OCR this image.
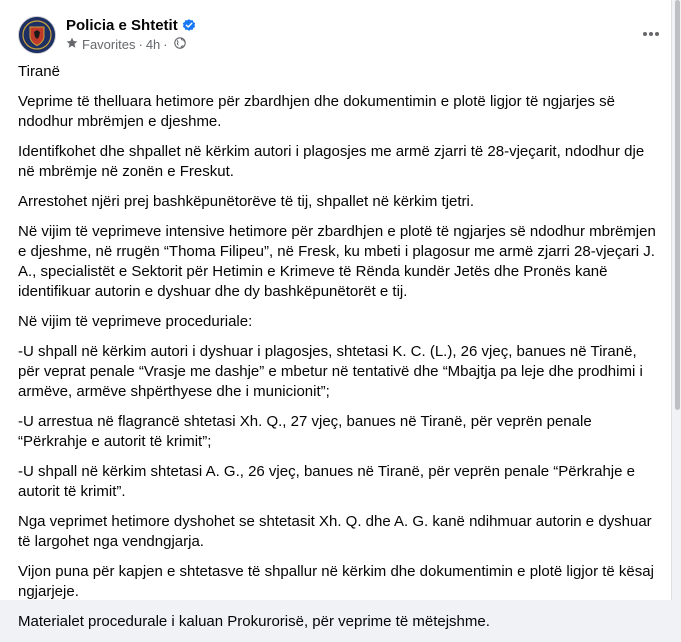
Policia e Shtetit
Favorites · 4h ·

Tiranë

Veprime të thelluara hetimore për zbardhjen dhe dokumentimin e plotë ligjor të ngjarjes së ndodhur mbrëmjen e djeshme.

Identifkohet dhe shpallet në kërkim autori i plagosjes me armë zjarri të 28-vjeçarit, ndodhur dje në mbrëmje në zonën e Freskut.

Arrestohet njëri prej bashkëpunëtorëve të tij, shpallet në kërkim tjetri.

Në vijim të veprimeve intensive hetimore për zbardhjen e plotë të ngjarjes së ndodhur mbrëmjen e djeshme, në rrugën “Thoma Filipeu”, në Fresk, ku mbeti i plagosur me armë zjarri 28-vjeçari J. A., specialistët e Sektorit për Hetimin e Krimeve të Rënda kundër Jetës dhe Pronës kanë identifikuar autorin e dyshuar dhe dy bashkëpunëtorët e tij.

Në vijim të veprimeve proceduriale:

-U shpall në kërkim autori i dyshuar i plagosjes, shtetasi K. C. (L.), 26 vjeç, banues në Tiranë, për veprat penale “Vrasje me dashje” e mbetur në tentativë dhe “Mbajtja pa leje dhe prodhimi i armëve, armëve shpërthyese dhe i municionit”;

-U arrestua në flagrancë shtetasi Xh. Q., 27 vjeç, banues në Tiranë, për veprën penale “Përkrahje e autorit të krimit”;

-U shpall në kërkim shtetasi A. G., 26 vjeç, banues në Tiranë, për veprën penale “Përkrahje e autorit të krimit”.

Nga veprimet hetimore dyshohet se shtetasit Xh. Q. dhe A. G. kanë ndihmuar autorin e dyshuar të largohet nga vendngjarja.

Vijon puna për kapjen e shtetasve të shpallur në kërkim dhe dokumentimin e plotë ligjor të kësaj ngjarjeje.

Materialet procedurale i kaluan Prokurorisë, për veprime të mëtejshme.
